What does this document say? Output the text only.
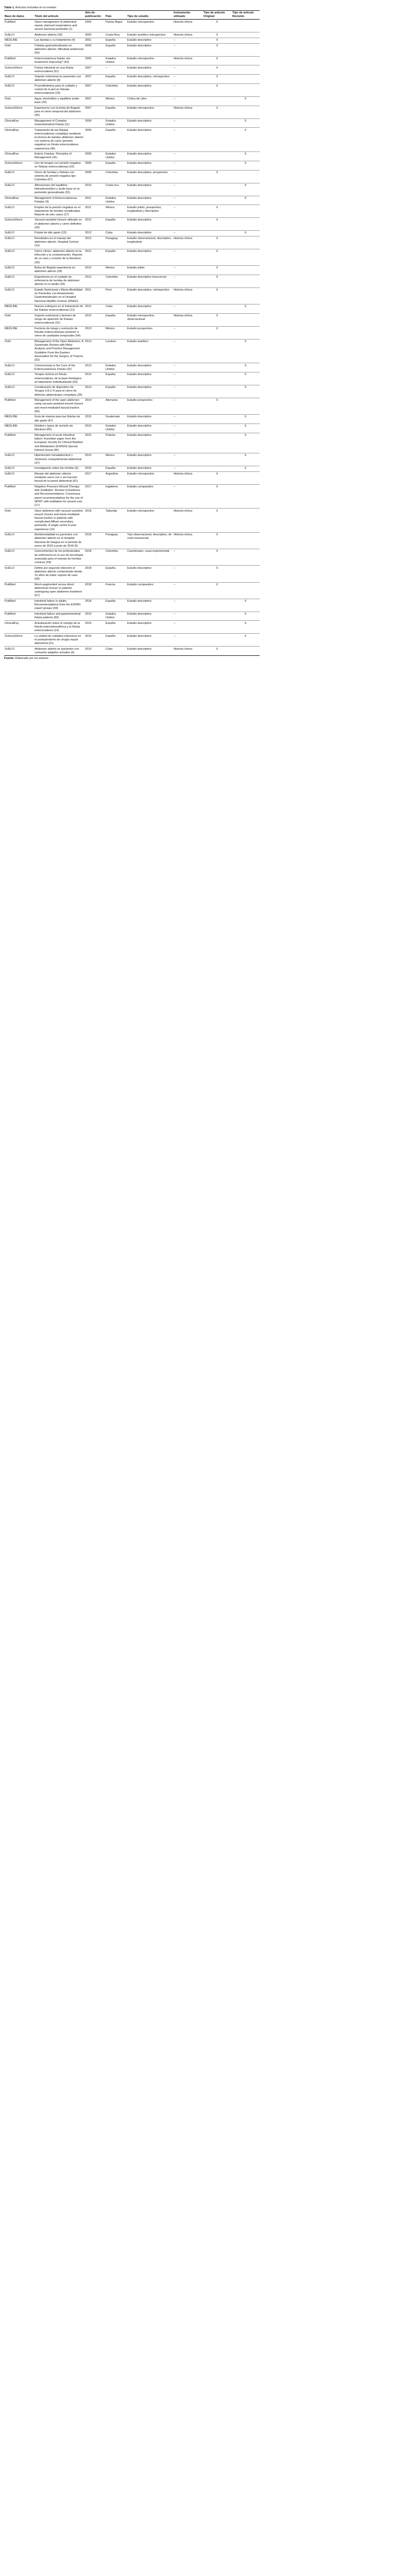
Tabla 1. Artículos incluidos en la revisión

Base de datos	Título del artículo	Año de publicación	País	Tipo de estudio	Instrumento utilizado	Tipo de artículo Original	Tipo de artículo Revisión
PubMed	Open management of abdominal sepsis: planned reoperations and severe bacterial peritonitis (1)	2000	Países Bajos	Estudio retrospectivo	Historia clínica	X	
SciELO	Abdomen abierto (18)	2000	Costa Rica	Estudio analítico retrospectivo	Historia clínica	X	
MEDLINE	Las bandas y su tratamiento (4)	2001	España	Estudio descriptivo	–	X	
Ovid	Fístulas gastrointestinales en abdomen abierto: dificultad asistencial (42)	2005	España	Estudio descriptivo	–	X	
PubMed	Enterocutaneous fistula: are treatments improving? (43)	2006	Estados Unidos	Estudio retrospectivo	Historia clínica	X	
ScienceDirect	Fístula intestinal en una fístula enterocutánea (51)	2007	–	Estudio descriptivo	–	X	
SciELO	Soporte nutricional en pacientes con abdomen abierto (8)	2007	España	Estudio descriptivo, retrospectivo	–	X	
SciELO	Procedimientos para el cuidado y control de la piel en fístulas enterocutáneas (23)	2007	Colombia	Estudio descriptivo	–	X	
Ovid	Agua, electrolitos y equilibrio ácido-base (24)	2007	México	Crítica de Libro	–		X
ScienceDirect	Experiencia con la bolsa de Bogotá para el cierre temporal del abdomen (45)	2007	España	Estudio retrospectivo	Historia clínica	X	
ClinicalKey	Management of Complex Gastrointestinal Fistula (11)	2009	Estados Unidos	Estudio descriptivo	–		X
ClinicalKey	Tratamiento de las fístulas enterocutáneas complejas mediante la técnica de bandas abdomen abierto con sistema de vacío (presión negativa) en fístula enterocutánea: experiencia (46)	2009	España	Estudio descriptivo	–		X
ClinicalKey	Enteric Fistulas: Principles of Management (41)	2009	Estados Unidos	Estudio descriptivo	–		X
ScienceDirect	Uso de terapia con presión negativa en fístulas enterocutáneas (16)	2009	España	Estudio descriptivo	–		X
SciELO	Cierre de heridas y fístulas con sistema de presión negativa tipo Colombia (67)	2009	Colombia	Estudio descriptivo, prospectivo	–	X	
SciELO	Alteraciones del equilibrio hidroelectrolítico y ácido base en la peritonitis generalizada (53)	2010	Costa rica	Estudio descriptivo	–		X
ClinicalKey	Management of Enterocutaneous Fistulas (9)	2011	Estados Unidos	Estudio descriptivo	–		X
SciELO	Empleo de la presión negativa en el tratamiento de heridas complicadas. Reporte de seis casos (27)	2011	México	Estudio piloto, prospectivo, longitudinal y descriptivo	–	X	
ScienceDirect	Vacuum-assisted closure utilizado en el abdomen abierto y cierre definitivo (26)	2012	España	Estudio descriptivo	–	X	
SciELO	Fístula de alto gasto (13)	2012	Cuba	Estudio descriptivo	–		X
SciELO	Resultados en el manejo del abdomen abierto. Hospital Central (10)	2012	Paraguay	Estudio observacional, descriptivo, longitudinal	Historia clínica	X	
SciELO	Cierre clínico: abdomen abierto en la infección y la contaminación. Reporte de un caso y revisión de la literatura (33)	2012	España	Estudio descriptivo	–	X	
SciELO	Bolsa de Bogotá experiencia en abdomen abierto (28)	2012	México	Estudio piloto	–	X	
SciELO	Experiencia en el cuidado de enfermería de heridas de abdomen abierto en el adulto (29)	2012	Colombia	Estudio descriptivo transversal	–	X	
SciELO	Estado Nutricional y Morta-Morbilidad en Pacientes con Anastomosis Gastrointestinales en el Hospital Nacional Hipólito Unanue (HNHU)	2011	Perú	Estudio descriptivo, retrospectivo	Historia clínica	X	
MEDLINE	Nuevos enfoques en el tratamiento de las fístulas enterocutáneas (12)	2012	Cuba	Estudio descriptivo	–		X
Ovid	Soporte nutricional y factores de riesgo de aparición de fístulas enterocutáneas (31)	2012	España	Estudio retrospectivo, observacional	Historia clínica	X	
MEDLINE	Factores de riesgo y evolución de fístulas enterocutáneas posterior a cierre de cavidades temporales (64)	2013	México	Estudio prospectivo	–	X	
Ovid	Management of the Open Abdomen: A Systematic Review with Meta-Analysis and Practice Management Guideline From the Eastern Association for the Surgery of Trauma (62)	2013	Londres	Estudio analítico	–		X
SciELO	Controversias in the Care of the Enterocutaneous Fistula (32)	2013	Estados Unidos	Estudio descriptivo	–		X
SciELO	Terapia nutricia en fístula enterocutánea, de la base fisiológica al tratamiento individualizado (63)	2014	España	Estudio descriptivo	–		X
SciELO	Combinación de dispositivo de Terapia V.A.C.® para el cierre de defectos abdominales complejos (35)	2014	España	Estudio descriptivo	–		X
PubMed	Management of the open abdomen using vacuum-assisted wound closure and mesh-mediated fascial traction (66)	2014	Alemania	Estudio prospectivo	–	X	
MEDLINE	Guía de manejo para las fístulas de alto gasto (47)	2015	Guatemala	Estudio descriptivo	–		X
MEDLINE	Divided o types de revisión de literatura (65)	2015	Estados Unidos	Estudio descriptivo	–		X
PubMed	Management of acute intestinal failure: A position paper from the European Society for Clinical Nutrition and Metabolism (ESPEN) Special Interest Group (40)	2015	Polonia	Estudio descriptivo	–		X
SciELO	Hipertensión intraabdominal y Síndrome compartimental abdominal (37)	2015	México	Estudio descriptivo	–		X
SciELO	Investigación sobre las heridas (6)	2016	España	Estudio descriptivo	–		X
SciELO	Manejo del abdomen abierto mediante vacío con o sin tracción fascial de la pared abdominal (61)	2017	Argentina	Estudio retrospectivo	Historia clínica	X	
PubMed	Negative Pressure Wound Therapy with Instillation: Review of Evidence and Recommendations: Consensus panel recommendations for the use of NPWT with instillation for wound care (17)	2017	Inglaterra	Estudio comparativo	–	X	
Ovid	Open abdomen with vacuum-assisted wound closure and mesh-mediated fascial traction in patients with complicated diffuse secondary peritonitis: A single-centre 8-year experience (14)	2018	Tailandia	Estudio retrospectivo	Historia clínica	X	
SciELO	Morbimortalidad en pacientes con abdomen abierto en el Hospital Nacional de Itauguá en el periodo de enero de 2016 a junio de 2018 (5)	2018	Paraguay	Tipo observacional, descriptivo, de corte transversal	Historia clínica	X	
SciELO	Conocimientos de los profesionales de enfermería en el uso de tecnología avanzada para el manejo de heridas crónicas (59)	2018	Colombia	Cuestionario, cuasi-experimental	–	X	
SciELO	Define por segundo intención el abdomen abierto contaminado desde 10 años de edad: reporte de caso (58)	2018	España	Estudio descriptivo	–	X	
PubMed	Mesh-augmented versus direct abdominal closure in patients undergoing open abdomen treatment (57)	2018	Francia	Estudio comparativo	–	X	
PubMed	Intestinal failure in adults: Recommendations from the ESPEN expert groups (59)	2018	España	Estudio descriptivo	–		X
PubMed	Intestinal failure and gastrointestinal fistula patients (60)	2019	Estados Unidos	Estudio descriptivo	–		X
ClinicalKey	Actualización sobre el manejo de la fístula enteroatmosférica y la fístula enterocutánea (14)	2019	España	Estudio descriptivo	–		X
ScienceDirect	La unidad de cuidados intensivos en el postoperatorio de cirugía mayor abdominal (21)	2019	España	Estudio descriptivo	–		X
SciELO	Abdomen abierto en pacientes con contusión adaptive actuales (6)	2019	Cuba	Estudio descriptivo	Historia clínica	X	
Fuente: Elaborado por los autores
